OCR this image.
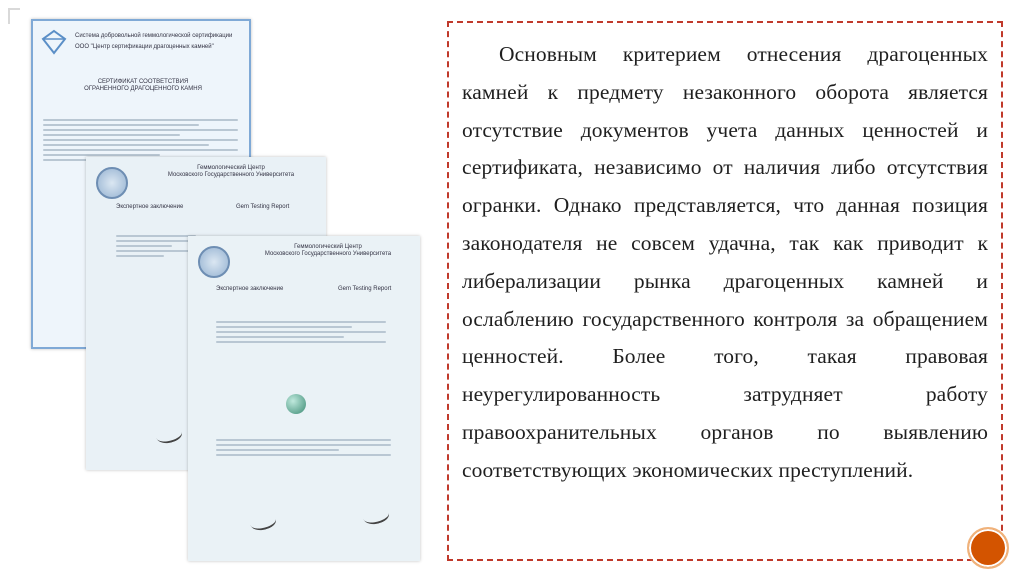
Система добровольной геммологической сертификации
ООО "Центр сертификации драгоценных камней"
СЕРТИФИКАТ СООТВЕТСТВИЯ
ОГРАНЕННОГО ДРАГОЦЕННОГО КАМНЯ
Геммологический Центр
Московского Государственного Университета
Экспертное заключение	Gem Testing Report
Геммологический Центр
Московского Государственного Университета
Экспертное заключение	Gem Testing Report

Основным критерием отнесения драгоценных камней к предмету незаконного оборота является отсутствие документов учета данных ценностей и сертификата, независимо от наличия либо отсутствия огранки. Однако представляется, что данная позиция законодателя не совсем удачна, так как приводит к либерализации рынка драгоценных камней и ослаблению государственного контроля за обращением ценностей. Более того, такая правовая неурегулированность затрудняет работу правоохранительных органов по выявлению соответствующих экономических преступлений.
